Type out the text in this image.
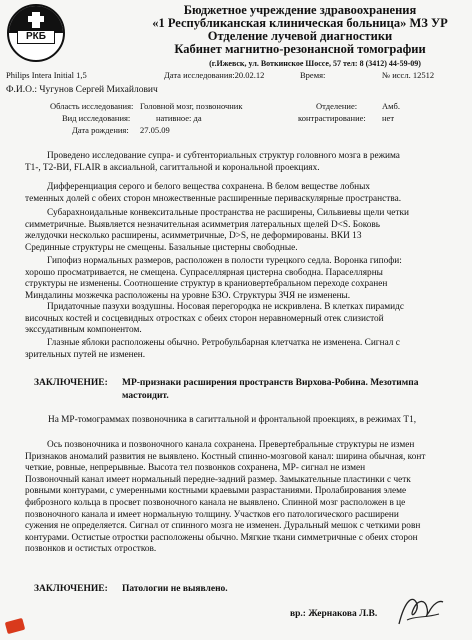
РКБ
Бюджетное учреждение здравоохранения
«1 Республиканская клиническая больница» МЗ УР
Отделение лучевой диагностики
Кабинет магнитно-резонансной томографии
(г.Ижевск, ул. Воткинское Шоссе, 57 тел: 8 (3412) 44-59-09)
Philips Intera Initial 1,5	Дата исследования:20.02.12	Время:	№ иссл. 12512
Ф.И.О.: Чугунов Сергей Михайлович
Область исследования: Головной мозг, позвоночник	Отделение:	Амб.
Вид исследования:	нативное: да	контрастирование: нет
Дата рождения: 27.05.09
Проведено исследование супра- и субтенториальных структур головного мозга в режима
T1-, T2-ВИ, FLAIR в аксиальной, сагиттальной и корональной проекциях.
Дифференциация серого и белого вещества сохранена. В белом веществе лобных
теменных долей с обеих сторон множественные расширенные периваскулярные пространства.
Субарахноидальные конвекситальные пространства не расширены, Сильвиевы щели четки
симметричные. Выявляется незначительная асимметрия латеральных щелей D<S. Боковь
желудочки несколько расширены, асимметричные, D>S, не деформированы. ВКИ 13
Срединные структуры не смещены. Базальные цистерны свободные.
Гипофиз нормальных размеров, расположен в полости турецкого седла. Воронка гипофи:
хорошо просматривается, не смещена. Супраселлярная цистерна свободна. Параселлярны
структуры не изменены. Соотношение структур в краниовертебральном переходе сохранен
Миндалины мозжечка расположены на уровне БЗО. Структуры ЗЧЯ не изменены.
Придаточные пазухи воздушны. Носовая перегородка не искривлена. В клетках пирамидс
височных костей и сосцевидных отростках с обеих сторон неравномерный отек слизистой
экссудативным компонентом.
Глазные яблоки расположены обычно. Ретробульбарная клетчатка не изменена. Сигнал с
зрительных путей не изменен.
ЗАКЛЮЧЕНИЕ: МР-признаки расширения пространств Вирхова-Робина. Мезотимпа
мастоидит.
На МР-томограммах позвоночника в сагиттальной и фронтальной проекциях, в режимах T1,
Ось позвоночника и позвоночного канала сохранена. Превертебральные структуры не измен
Признаков аномалий развития не выявлено. Костный спинно-мозговой канал: ширина обычная, конт
четкие, ровные, непрерывные. Высота тел позвонков сохранена, МР- сигнал не измен
Позвоночный канал имеет нормальный передне-задний размер. Замыкательные пластинки с четк
ровными контурами, с умеренными костными краевыми разрастаниями. Пролабирования элеме
фиброзного кольца в просвет позвоночного канала не выявлено. Спинной мозг расположен в це
позвоночного канала и имеет нормальную толщину. Участков его патологического расширени
сужения не определяется. Сигнал от спинного мозга не изменен. Дуральный мешок с четкими ровн
контурами. Остистые отростки расположены обычно. Мягкие ткани симметричные с обеих сторон
позвонков и остистых отростков.
ЗАКЛЮЧЕНИЕ: Патологии не выявлено.
вр.: Жернакова Л.В.
